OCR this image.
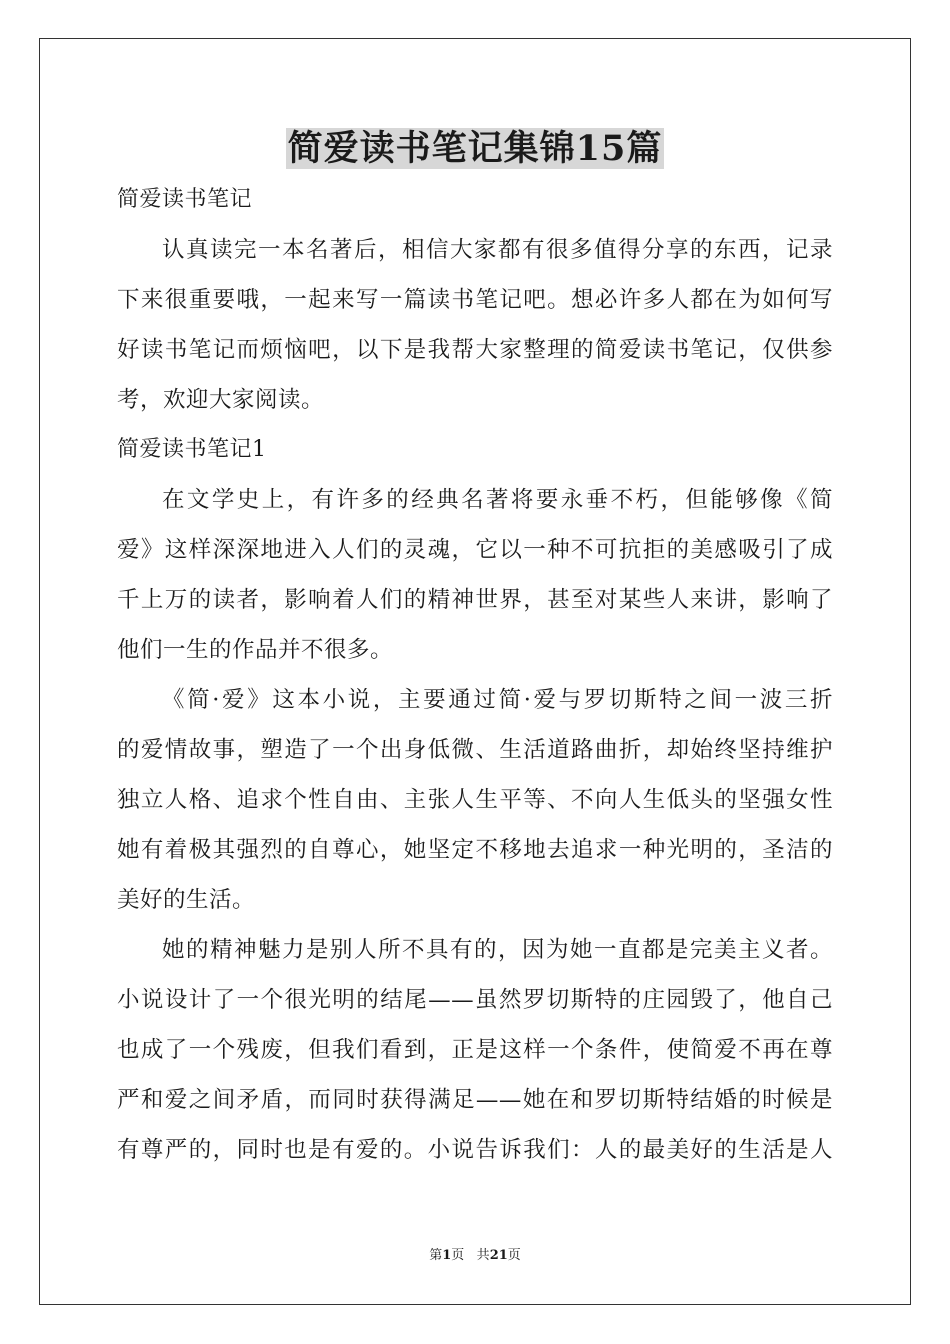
简爱读书笔记集锦15篇
简爱读书笔记
认真读完一本名著后，相信大家都有很多值得分享的东西，记录
下来很重要哦，一起来写一篇读书笔记吧。想必许多人都在为如何写
好读书笔记而烦恼吧，以下是我帮大家整理的简爱读书笔记，仅供参
考，欢迎大家阅读。
简爱读书笔记1
在文学史上，有许多的经典名著将要永垂不朽，但能够像《简
爱》这样深深地进入人们的灵魂，它以一种不可抗拒的美感吸引了成
千上万的读者，影响着人们的精神世界，甚至对某些人来讲，影响了
他们一生的作品并不很多。
《简·爱》这本小说，主要通过简·爱与罗切斯特之间一波三折
的爱情故事，塑造了一个出身低微、生活道路曲折，却始终坚持维护
独立人格、追求个性自由、主张人生平等、不向人生低头的坚强女性
她有着极其强烈的自尊心，她坚定不移地去追求一种光明的，圣洁的
美好的生活。
她的精神魅力是别人所不具有的，因为她一直都是完美主义者。
小说设计了一个很光明的结尾——虽然罗切斯特的庄园毁了，他自己
也成了一个残废，但我们看到，正是这样一个条件，使简爱不再在尊
严和爱之间矛盾，而同时获得满足——她在和罗切斯特结婚的时候是
有尊严的，同时也是有爱的。小说告诉我们：人的最美好的生活是人
第1页 共21页
